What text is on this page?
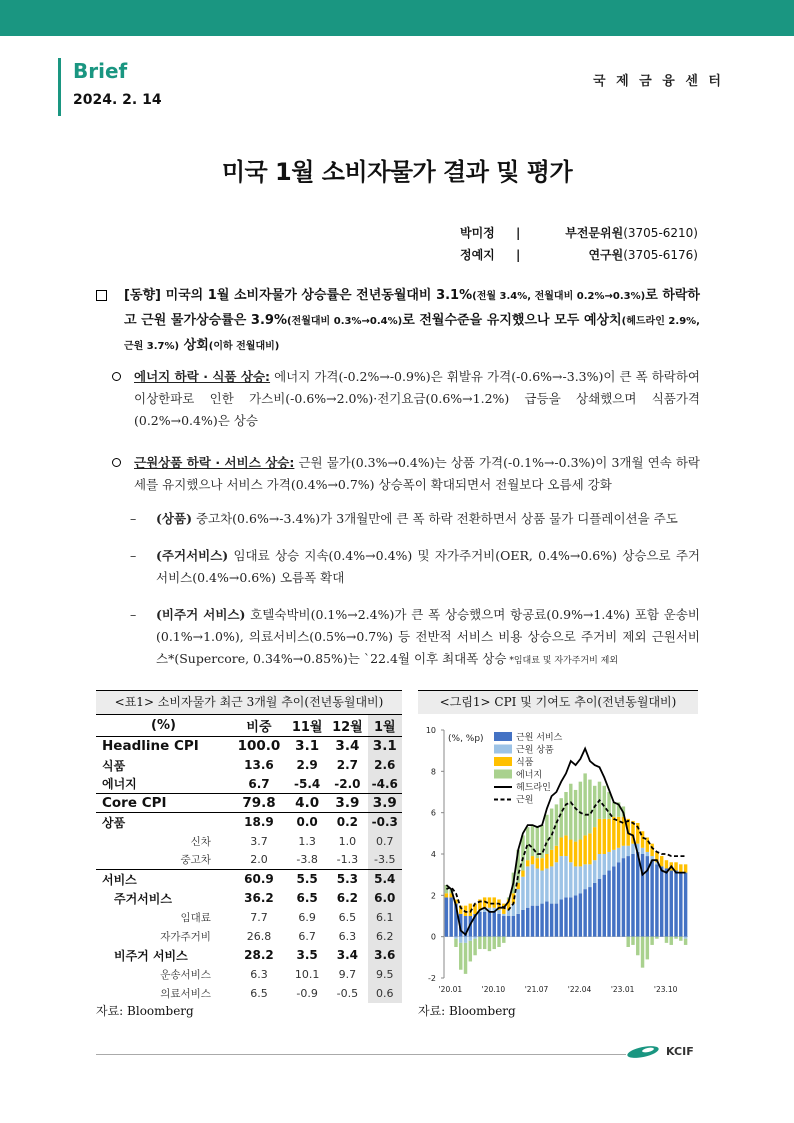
Brief
2024. 2. 14
국 제 금 융 센 터
미국 1월 소비자물가 결과 및 평가
박미정	|	부전문위원(3705-6210)
정예지	|	연구원(3705-6176)

[동향] 미국의 1월 소비자물가 상승률은 전년동월대비 3.1%(전월 3.4%, 전월대비 0.2%→0.3%)로 하락하고 근원 물가상승률은 3.9%(전월대비 0.3%→0.4%)로 전월수준을 유지했으나 모두 예상치(헤드라인 2.9%, 근원 3.7%) 상회(이하 전월대비)

에너지 하락 · 식품 상승: 에너지 가격(-0.2%→-0.9%)은 휘발유 가격(-0.6%→-3.3%)이 큰 폭 하락하여 이상한파로 인한 가스비(-0.6%→2.0%)·전기요금(0.6%→1.2%) 급등을 상쇄했으며 식품가격(0.2%→0.4%)은 상승

근원상품 하락 · 서비스 상승: 근원 물가(0.3%→0.4%)는 상품 가격(-0.1%→-0.3%)이 3개월 연속 하락세를 유지했으나 서비스 가격(0.4%→0.7%) 상승폭이 확대되면서 전월보다 오름세 강화

– (상품) 중고차(0.6%→-3.4%)가 3개월만에 큰 폭 하락 전환하면서 상품 물가 디플레이션을 주도

– (주거서비스) 임대료 상승 지속(0.4%→0.4%) 및 자가주거비(OER, 0.4%→0.6%) 상승으로 주거서비스(0.4%→0.6%) 오름폭 확대

– (비주거 서비스) 호텔숙박비(0.1%→2.4%)가 큰 폭 상승했으며 항공료(0.9%→1.4%) 포함 운송비(0.1%→1.0%), 의료서비스(0.5%→0.7%) 등 전반적 서비스 비용 상승으로 주거비 제외 근원서비스*(Supercore, 0.34%→0.85%)는 `22.4월 이후 최대폭 상승 *임대료 및 자가주거비 제외

<표1> 소비자물가 최근 3개월 추이(전년동월대비)
(%)	비중	11월	12월	1월
Headline CPI	100.0	3.1	3.4	3.1
식품	13.6	2.9	2.7	2.6
에너지	6.7	-5.4	-2.0	-4.6
Core CPI	79.8	4.0	3.9	3.9
상품	18.9	0.0	0.2	-0.3
신차	3.7	1.3	1.0	0.7
중고차	2.0	-3.8	-1.3	-3.5
서비스	60.9	5.5	5.3	5.4
주거서비스	36.2	6.5	6.2	6.0
임대료	7.7	6.9	6.5	6.1
자가주거비	26.8	6.7	6.3	6.2
비주거 서비스	28.2	3.5	3.4	3.6
운송서비스	6.3	10.1	9.7	9.5
의료서비스	6.5	-0.9	-0.5	0.6
자료: Bloomberg
<그림1> CPI 및 기여도 추이(전년동월대비)
-2
0
2
4
6
8
10
'20.01	'20.10	'21.07	'22.04	'23.01	'23.10
(%, %p)	근원 서비스
근원 상품
식품
에너지
헤드라인
근원
자료: Bloomberg
KCIF
